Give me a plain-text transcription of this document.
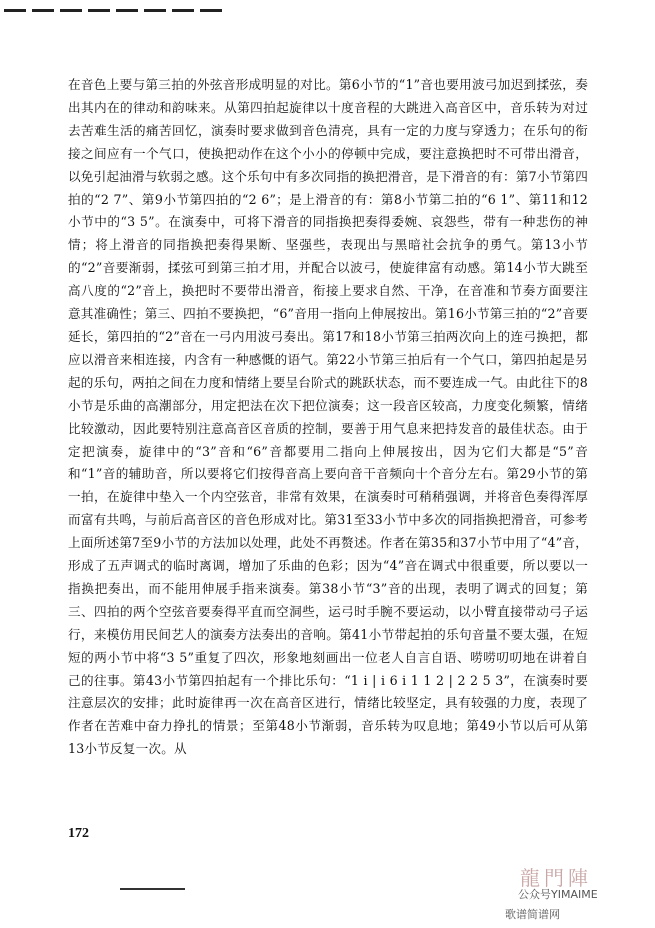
在音色上要与第三拍的外弦音形成明显的对比。第6小节的“1”音也要用波弓加迟到揉弦，奏出其内在的律动和韵味来。从第四拍起旋律以十度音程的大跳进入高音区中，音乐转为对过去苦难生活的痛苦回忆，演奏时要求做到音色清亮，具有一定的力度与穿透力；在乐句的衔接之间应有一个气口，使换把动作在这个小小的停顿中完成，要注意换把时不可带出滑音，以免引起油滑与软弱之感。这个乐句中有多次同指的换把滑音，是下滑音的有：第7小节第四拍的“2 7”、第9小节第四拍的“2 6”；是上滑音的有：第8小节第二拍的“6 1”、第11和12小节中的“3 5”。在演奏中，可将下滑音的同指换把奏得委婉、哀怨些，带有一种悲伤的神情；将上滑音的同指换把奏得果断、坚强些，表现出与黑暗社会抗争的勇气。第13小节的“2”音要渐弱，揉弦可到第三拍才用，并配合以波弓，使旋律富有动感。第14小节大跳至高八度的“2”音上，换把时不要带出滑音，衔接上要求自然、干净，在音准和节奏方面要注意其准确性；第三、四拍不要换把，“6”音用一指向上伸展按出。第16小节第三拍的“2”音要延长，第四拍的“2”音在一弓内用波弓奏出。第17和18小节第三拍两次向上的连弓换把，都应以滑音来相连接，内含有一种感慨的语气。第22小节第三拍后有一个气口，第四拍起是另起的乐句，两拍之间在力度和情绪上要呈台阶式的跳跃状态，而不要连成一气。由此往下的8小节是乐曲的高潮部分，用定把法在次下把位演奏；这一段音区较高，力度变化频繁，情绪比较激动，因此要特别注意高音区音质的控制，要善于用气息来把持发音的最佳状态。由于定把演奏，旋律中的“3”音和“6”音都要用二指向上伸展按出，因为它们大都是“5”音和“1”音的辅助音，所以要将它们按得音高上要向音干音频向十个音分左右。第29小节的第一拍，在旋律中垫入一个内空弦音，非常有效果，在演奏时可稍稍强调，并将音色奏得浑厚而富有共鸣，与前后高音区的音色形成对比。第31至33小节中多次的同指换把滑音，可参考上面所述第7至9小节的方法加以处理，此处不再赘述。作者在第35和37小节中用了“4”音，形成了五声调式的临时离调，增加了乐曲的色彩；因为“4”音在调式中很重要，所以要以一指换把奏出，而不能用伸展手指来演奏。第38小节“3”音的出现，表明了调式的回复；第三、四拍的两个空弦音要奏得平直而空洞些，运弓时手腕不要运动，以小臂直接带动弓子运行，来模仿用民间艺人的演奏方法奏出的音响。第41小节带起拍的乐句音量不要太强，在短短的两小节中将“3 5”重复了四次，形象地刻画出一位老人自言自语、唠唠叨叨地在讲着自己的往事。第43小节第四拍起有一个排比乐句：“1 i | i 6 i 1 1 2 | 2 2 5 3”，在演奏时要注意层次的安排；此时旋律再一次在高音区进行，情绪比较坚定，具有较强的力度，表现了作者在苦难中奋力挣扎的情景；至第48小节渐弱，音乐转为叹息地；第49小节以后可从第13小节反复一次。从

172
龍門陣
公众号YIMAIME
歌谱简谱网
